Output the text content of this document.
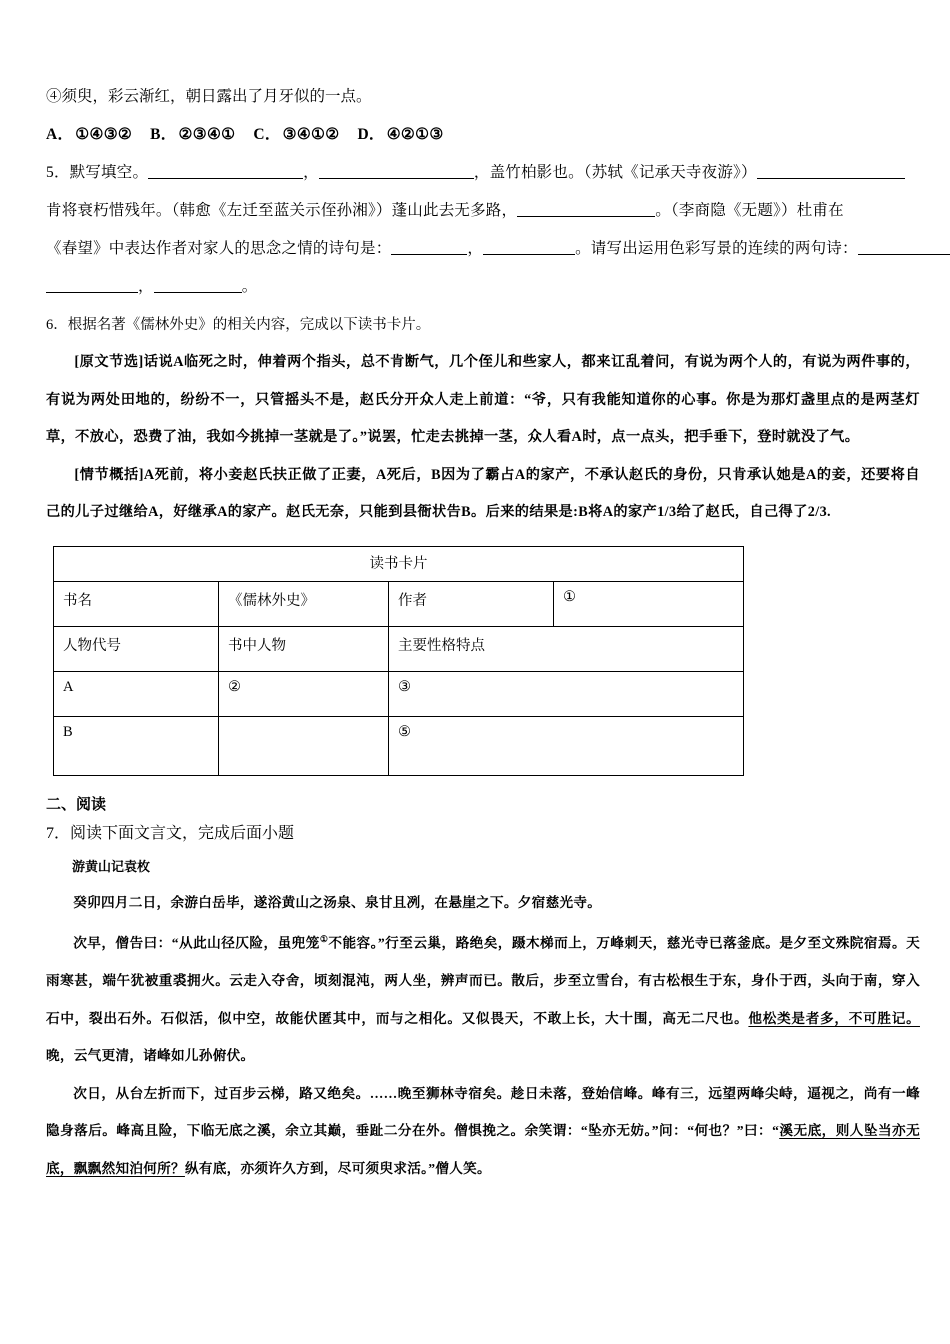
④须臾，彩云渐红，朝日露出了月牙似的一点。
A． ①④③② B． ②③④① C． ③④①② D． ④②①③
5．默写填空。	，	，盖竹柏影也。（苏轼《记承天寺夜游》）
肯将衰朽惜残年。（韩愈《左迁至蓝关示侄孙湘》）蓬山此去无多路，	。（李商隐《无题》）杜甫在
《春望》中表达作者对家人的思念之情的诗句是：	，	。请写出运用色彩写景的连续的两句诗：
，	。
6．根据名著《儒林外史》的相关内容，完成以下读书卡片。
[原文节选]话说A临死之时，伸着两个指头，总不肯断气，几个侄儿和些家人，都来讧乱着问，有说为两个人的，有说为两件事的，有说为两处田地的，纷纷不一，只管摇头不是，赵氏分开众人走上前道：“爷，只有我能知道你的心事。你是为那灯盏里点的是两茎灯草，不放心，恐费了油，我如今挑掉一茎就是了。”说罢，忙走去挑掉一茎，众人看A时，点一点头，把手垂下，登时就没了气。
[情节概括]A死前，将小妾赵氏扶正做了正妻，A死后，B因为了霸占A的家产，不承认赵氏的身份，只肯承认她是A的妾，还要将自己的儿子过继给A，好继承A的家产。赵氏无奈，只能到县衙状告B。后来的结果是:B将A的家产1/3给了赵氏，自己得了2/3.
读书卡片			
书名	《儒林外史》	作者	①
人物代号	书中人物	主要性格特点	
A	②	③	
B		⑤	
二、阅读
7．阅读下面文言文，完成后面小题
游黄山记袁枚
癸卯四月二日，余游白岳毕，遂浴黄山之汤泉、泉甘且冽，在悬崖之下。夕宿慈光寺。
次早，僧告曰：“从此山径仄险，虽兜笼①不能容。”行至云巢，路绝矣，蹑木梯而上，万峰刺天，慈光寺已落釜底。是夕至文殊院宿焉。天雨寒甚，端午犹被重裘拥火。云走入夺舍，顷刻混沌，两人坐，辨声而已。散后，步至立雪台，有古松根生于东，身仆于西，头向于南，穿入石中，裂出石外。石似活，似中空，故能伏匿其中，而与之相化。又似畏天，不敢上长，大十围，高无二尺也。他松类是者多，不可胜记。晚，云气更清，诸峰如儿孙俯伏。
次日，从台左折而下，过百步云梯，路又绝矣。……晚至狮林寺宿矣。趁日未落，登始信峰。峰有三，远望两峰尖峙，逼视之，尚有一峰隐身落后。峰高且险，下临无底之溪，余立其巅，垂趾二分在外。僧惧挽之。余笑谓：“坠亦无妨。”问：“何也？”曰：“溪无底，则人坠当亦无底，飘飘然知泊何所？纵有底，亦须许久方到，尽可须臾求活。”僧人笑。
